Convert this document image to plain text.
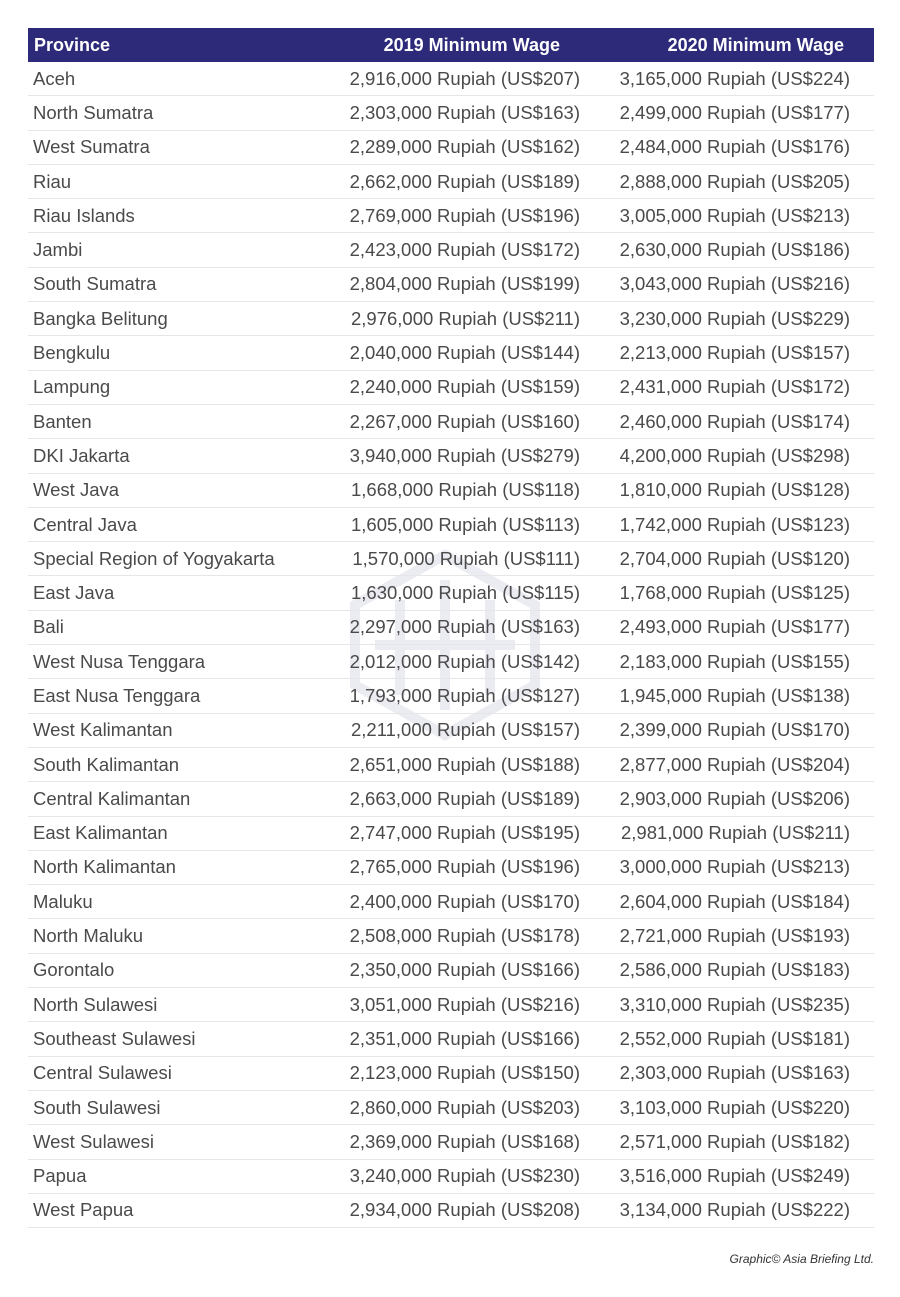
Province	2019 Minimum Wage	2020 Minimum Wage
Aceh	2,916,000 Rupiah (US$207)	3,165,000 Rupiah (US$224)
North Sumatra	2,303,000 Rupiah (US$163)	2,499,000 Rupiah (US$177)
West Sumatra	2,289,000 Rupiah (US$162)	2,484,000 Rupiah (US$176)
Riau	2,662,000 Rupiah (US$189)	2,888,000 Rupiah (US$205)
Riau Islands	2,769,000 Rupiah (US$196)	3,005,000 Rupiah (US$213)
Jambi	2,423,000 Rupiah (US$172)	2,630,000 Rupiah (US$186)
South Sumatra	2,804,000 Rupiah (US$199)	3,043,000 Rupiah (US$216)
Bangka Belitung	2,976,000 Rupiah (US$211)	3,230,000 Rupiah (US$229)
Bengkulu	2,040,000 Rupiah (US$144)	2,213,000 Rupiah (US$157)
Lampung	2,240,000 Rupiah (US$159)	2,431,000 Rupiah (US$172)
Banten	2,267,000 Rupiah (US$160)	2,460,000 Rupiah (US$174)
DKI Jakarta	3,940,000 Rupiah (US$279)	4,200,000 Rupiah (US$298)
West Java	1,668,000 Rupiah (US$118)	1,810,000 Rupiah (US$128)
Central Java	1,605,000 Rupiah (US$113)	1,742,000 Rupiah (US$123)
Special Region of Yogyakarta	1,570,000 Rupiah (US$111)	2,704,000 Rupiah (US$120)
East Java	1,630,000 Rupiah (US$115)	1,768,000 Rupiah (US$125)
Bali	2,297,000 Rupiah (US$163)	2,493,000 Rupiah (US$177)
West Nusa Tenggara	2,012,000 Rupiah (US$142)	2,183,000 Rupiah (US$155)
East Nusa Tenggara	1,793,000 Rupiah (US$127)	1,945,000 Rupiah (US$138)
West Kalimantan	2,211,000 Rupiah (US$157)	2,399,000 Rupiah (US$170)
South Kalimantan	2,651,000 Rupiah (US$188)	2,877,000 Rupiah (US$204)
Central Kalimantan	2,663,000 Rupiah (US$189)	2,903,000 Rupiah (US$206)
East Kalimantan	2,747,000 Rupiah (US$195)	2,981,000 Rupiah (US$211)
North Kalimantan	2,765,000 Rupiah (US$196)	3,000,000 Rupiah (US$213)
Maluku	2,400,000 Rupiah (US$170)	2,604,000 Rupiah (US$184)
North Maluku	2,508,000 Rupiah (US$178)	2,721,000 Rupiah (US$193)
Gorontalo	2,350,000 Rupiah (US$166)	2,586,000 Rupiah (US$183)
North Sulawesi	3,051,000 Rupiah (US$216)	3,310,000 Rupiah (US$235)
Southeast Sulawesi	2,351,000 Rupiah (US$166)	2,552,000 Rupiah (US$181)
Central Sulawesi	2,123,000 Rupiah (US$150)	2,303,000 Rupiah (US$163)
South Sulawesi	2,860,000 Rupiah (US$203)	3,103,000 Rupiah (US$220)
West Sulawesi	2,369,000 Rupiah (US$168)	2,571,000 Rupiah (US$182)
Papua	3,240,000 Rupiah (US$230)	3,516,000 Rupiah (US$249)
West Papua	2,934,000 Rupiah (US$208)	3,134,000 Rupiah (US$222)
Graphic© Asia Briefing Ltd.
